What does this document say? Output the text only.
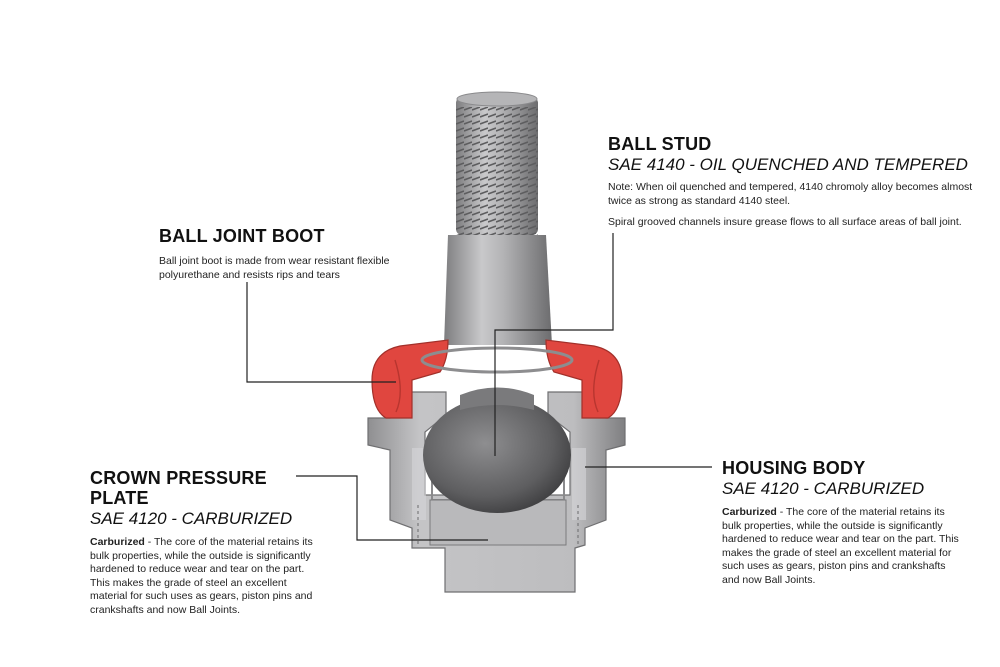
BALL JOINT BOOT

Ball joint boot is made from wear resistant flexible polyurethane and resists rips and tears

BALL STUD

SAE 4140 - OIL QUENCHED AND TEMPERED

Note: When oil quenched and tempered, 4140 chromoly alloy becomes almost twice as strong as standard 4140 steel.

Spiral grooved channels insure grease flows to all surface areas of ball joint.

CROWN PRESSURE PLATE

SAE 4120 - CARBURIZED

Carburized - The core of the material retains its bulk properties, while the outside is significantly hardened to reduce wear and tear on the part. This makes the grade of steel an excellent material for such uses as gears, piston pins and crankshafts and now Ball Joints.

HOUSING BODY

SAE 4120 - CARBURIZED

Carburized - The core of the material retains its bulk properties, while the outside is significantly hardened to reduce wear and tear on the part. This makes the grade of steel an excellent material for such uses as gears, piston pins and crankshafts and now Ball Joints.
